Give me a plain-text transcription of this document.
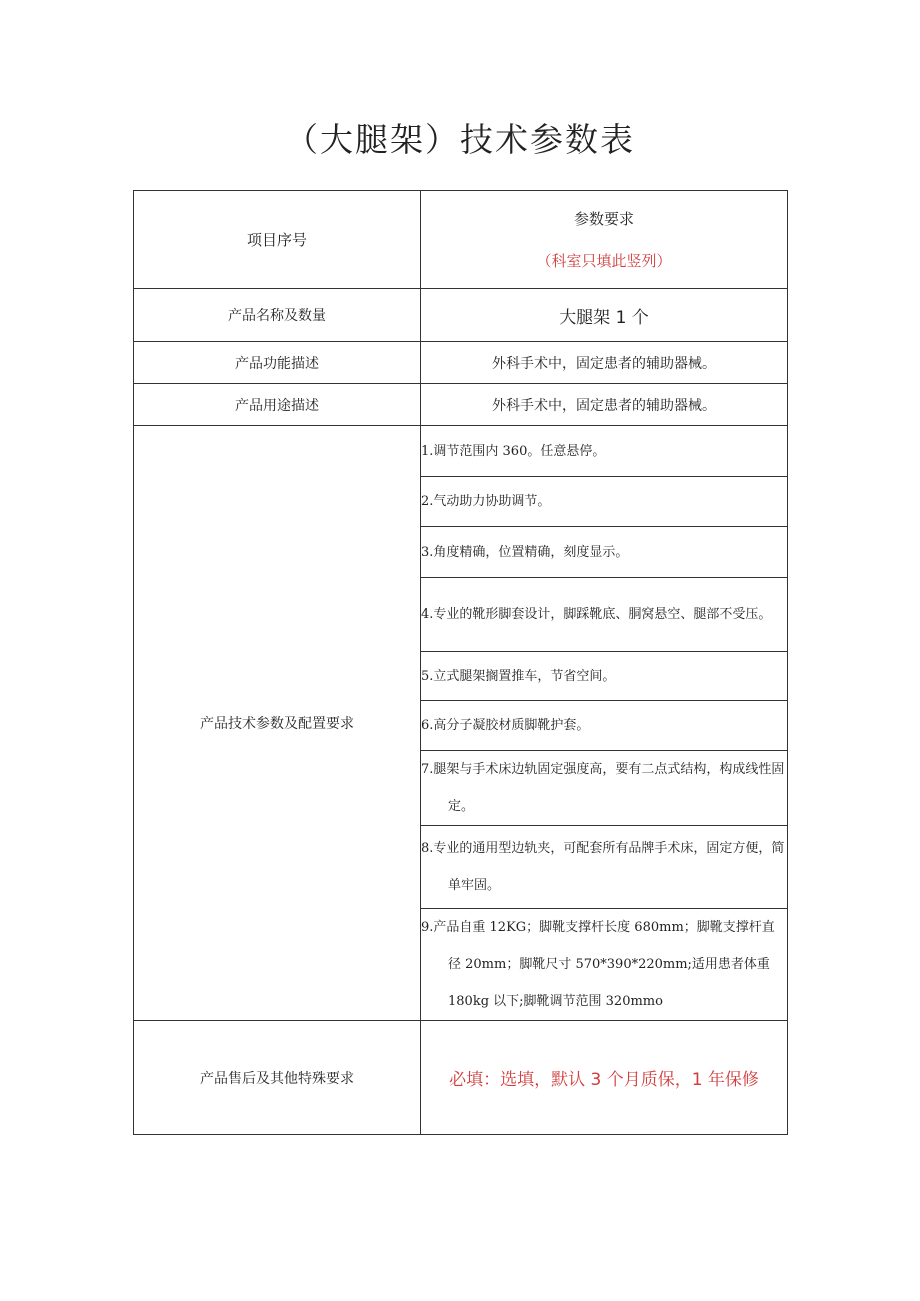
（大腿架）技术参数表
项目序号	参数要求
（科室只填此竖列）

产品名称及数量	大腿架 1 个
产品功能描述	外科手术中，固定患者的辅助器械。
产品用途描述	外科手术中，固定患者的辅助器械。
产品技术参数及配置要求	1.调节范围内 360。任意悬停。

	2.气动助力协助调节。

	3.角度精确，位置精确，刻度显示。

	4.专业的靴形脚套设计，脚踩靴底、胴窝悬空、腿部不受压。

	5.立式腿架搁置推车，节省空间。

	6.高分子凝胶材质脚靴护套。

	7.腿架与手术床边轨固定强度高，要有二点式结构，构成线性固定。

	8.专业的通用型边轨夹，可配套所有品牌手术床，固定方便，简单牢固。

	9.产品自重 12KG；脚靴支撑杆长度 680mm；脚靴支撑杆直径 20mm；脚靴尺寸 570*390*220mm;适用患者体重 180kg 以下;脚靴调节范围 320mmo

产品售后及其他特殊要求	必填：选填，默认 3 个月质保，1 年保修
